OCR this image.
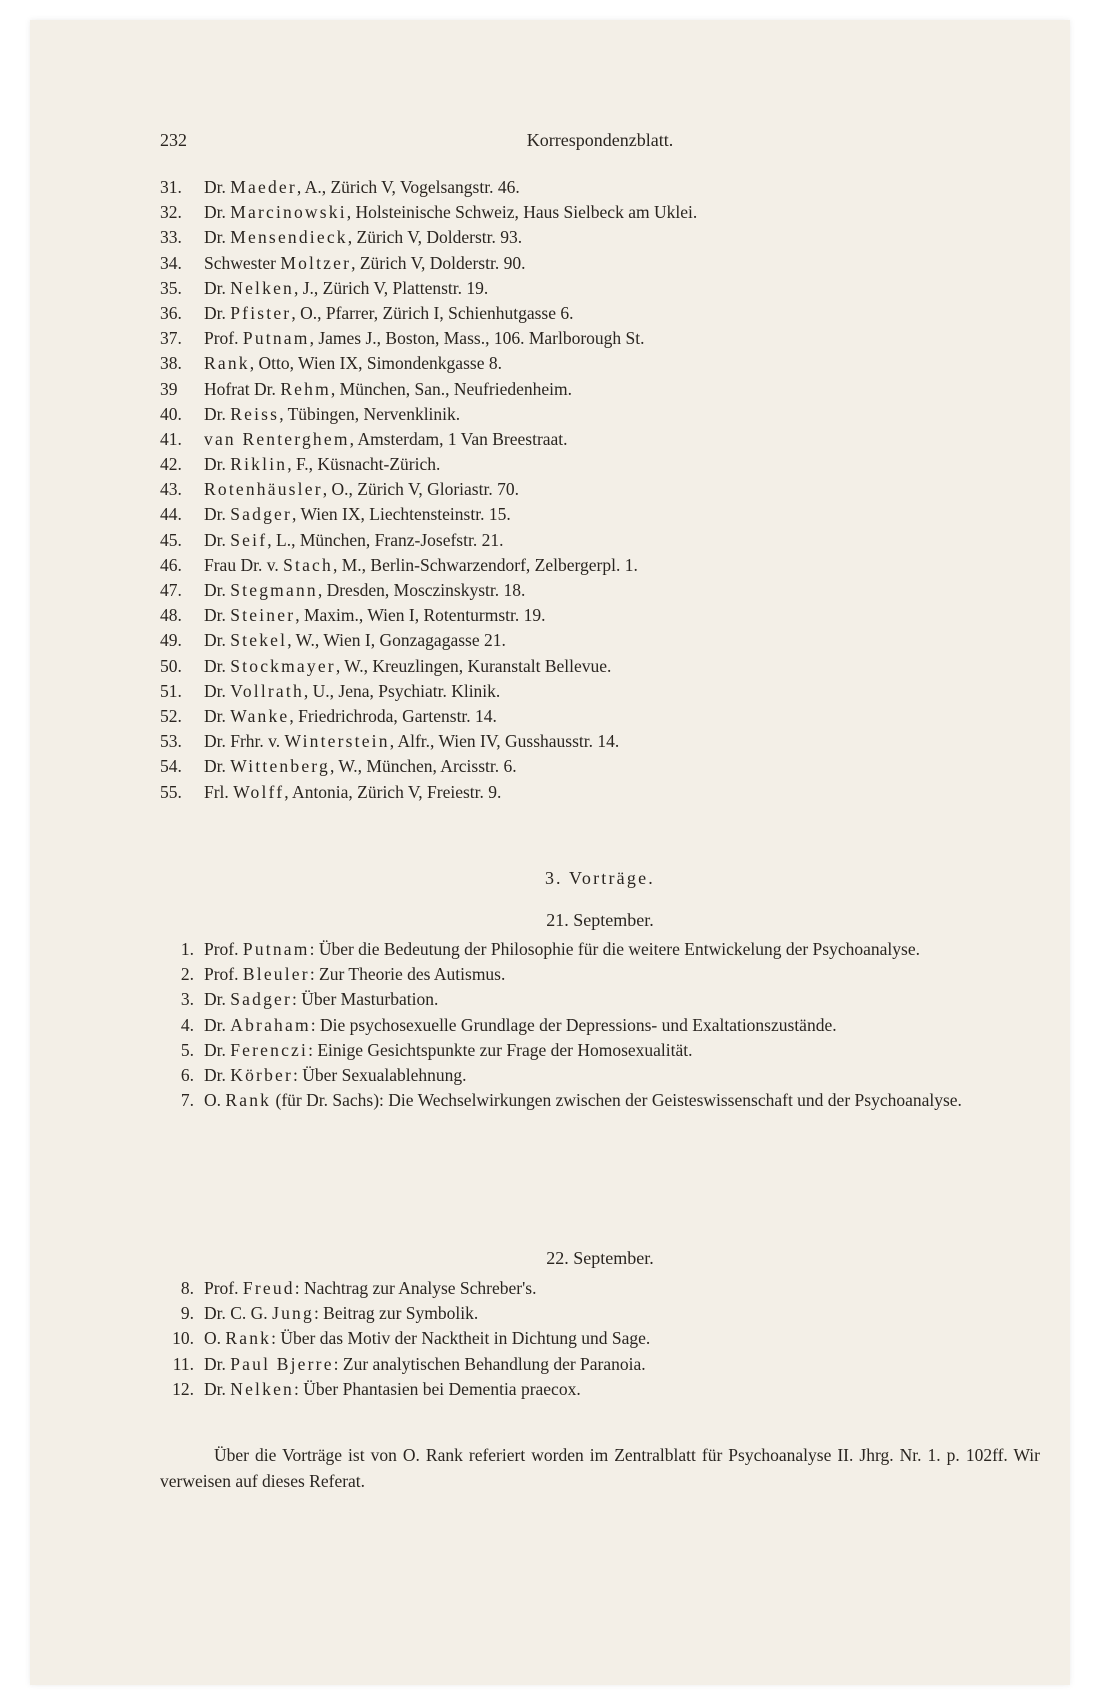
232	Korrespondenzblatt.
31. Dr. Maeder, A., Zürich V, Vogelsangstr. 46.
32. Dr. Marcinowski, Holsteinische Schweiz, Haus Sielbeck am Uklei.
33. Dr. Mensendieck, Zürich V, Dolderstr. 93.
34. Schwester Moltzer, Zürich V, Dolderstr. 90.
35. Dr. Nelken, J., Zürich V, Plattenstr. 19.
36. Dr. Pfister, O., Pfarrer, Zürich I, Schienhutgasse 6.
37. Prof. Putnam, James J., Boston, Mass., 106. Marlborough St.
38. Rank, Otto, Wien IX, Simondenkgasse 8.
39 Hofrat Dr. Rehm, München, San., Neufriedenheim.
40. Dr. Reiss, Tübingen, Nervenklinik.
41. van Renterghem, Amsterdam, 1 Van Breestraat.
42. Dr. Riklin, F., Küsnacht-Zürich.
43. Rotenhäusler, O., Zürich V, Gloriastr. 70.
44. Dr. Sadger, Wien IX, Liechtensteinstr. 15.
45. Dr. Seif, L., München, Franz-Josefstr. 21.
46. Frau Dr. v. Stach, M., Berlin-Schwarzendorf, Zelbergerpl. 1.
47. Dr. Stegmann, Dresden, Mosczinskystr. 18.
48. Dr. Steiner, Maxim., Wien I, Rotenturmstr. 19.
49. Dr. Stekel, W., Wien I, Gonzagagasse 21.
50. Dr. Stockmayer, W., Kreuzlingen, Kuranstalt Bellevue.
51. Dr. Vollrath, U., Jena, Psychiatr. Klinik.
52. Dr. Wanke, Friedrichroda, Gartenstr. 14.
53. Dr. Frhr. v. Winterstein, Alfr., Wien IV, Gusshausstr. 14.
54. Dr. Wittenberg, W., München, Arcisstr. 6.
55. Frl. Wolff, Antonia, Zürich V, Freiestr. 9.
3. Vorträge.
21. September.
1. Prof. Putnam: Über die Bedeutung der Philosophie für die weitere Entwickelung der Psychoanalyse.
2. Prof. Bleuler: Zur Theorie des Autismus.
3. Dr. Sadger: Über Masturbation.
4. Dr. Abraham: Die psychosexuelle Grundlage der Depressions- und Exaltationszustände.
5. Dr. Ferenczi: Einige Gesichtspunkte zur Frage der Homosexualität.
6. Dr. Körber: Über Sexualablehnung.
7. O. Rank (für Dr. Sachs): Die Wechselwirkungen zwischen der Geisteswissenschaft und der Psychoanalyse.
22. September.
8. Prof. Freud: Nachtrag zur Analyse Schreber's.
9. Dr. C. G. Jung: Beitrag zur Symbolik.
10. O. Rank: Über das Motiv der Nacktheit in Dichtung und Sage.
11. Dr. Paul Bjerre: Zur analytischen Behandlung der Paranoia.
12. Dr. Nelken: Über Phantasien bei Dementia praecox.
Über die Vorträge ist von O. Rank referiert worden im Zentralblatt für Psychoanalyse II. Jhrg. Nr. 1. p. 102ff. Wir verweisen auf dieses Referat.
